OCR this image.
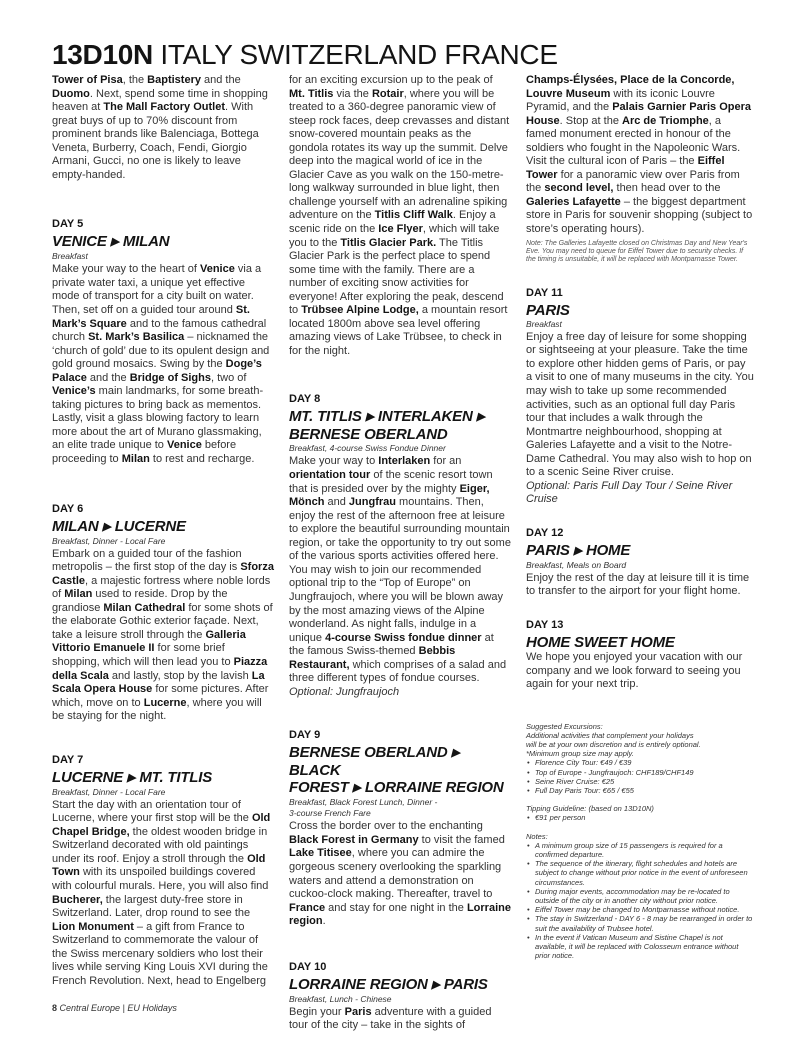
13D10N ITALY SWITZERLAND FRANCE

Tower of Pisa, the Baptistery and the Duomo. Next, spend some time in shopping heaven at The Mall Factory Outlet. With great buys of up to 70% discount from prominent brands like Balenciaga, Bottega Veneta, Burberry, Coach, Fendi, Giorgio Armani, Gucci, no one is likely to leave empty-handed.

DAY 5
VENICE ▶ MILAN
Breakfast

Make your way to the heart of Venice via a private water taxi, a unique yet effective mode of transport for a city built on water. Then, set off on a guided tour around St. Mark’s Square and to the famous cathedral church St. Mark’s Basilica – nicknamed the ‘church of gold’ due to its opulent design and gold ground mosaics. Swing by the Doge’s Palace and the Bridge of Sighs, two of Venice’s main landmarks, for some breath-taking pictures to bring back as mementos. Lastly, visit a glass blowing factory to learn more about the art of Murano glassmaking, an elite trade unique to Venice before proceeding to Milan to rest and recharge.

DAY 6
MILAN ▶ LUCERNE
Breakfast, Dinner - Local Fare

Embark on a guided tour of the fashion metropolis – the first stop of the day is Sforza Castle, a majestic fortress where noble lords of Milan used to reside. Drop by the grandiose Milan Cathedral for some shots of the elaborate Gothic exterior façade. Next, take a leisure stroll through the Galleria Vittorio Emanuele II for some brief shopping, which will then lead you to Piazza della Scala and lastly, stop by the lavish La Scala Opera House for some pictures. After which, move on to Lucerne, where you will be staying for the night.

DAY 7
LUCERNE ▶ MT. TITLIS
Breakfast, Dinner - Local Fare

Start the day with an orientation tour of Lucerne, where your first stop will be the Old Chapel Bridge, the oldest wooden bridge in Switzerland decorated with old paintings under its roof. Enjoy a stroll through the Old Town with its unspoiled buildings covered with colourful murals. Here, you will also find Bucherer, the largest duty-free store in Switzerland. Later, drop round to see the Lion Monument – a gift from France to Switzerland to commemorate the valour of the Swiss mercenary soldiers who lost their lives while serving King Louis XVI during the French Revolution. Next, head to Engelberg

for an exciting excursion up to the peak of Mt. Titlis via the Rotair, where you will be treated to a 360-degree panoramic view of steep rock faces, deep crevasses and distant snow-covered mountain peaks as the gondola rotates its way up the summit. Delve deep into the magical world of ice in the Glacier Cave as you walk on the 150-metre-long walkway surrounded in blue light, then challenge yourself with an adrenaline spiking adventure on the Titlis Cliff Walk. Enjoy a scenic ride on the Ice Flyer, which will take you to the Titlis Glacier Park. The Titlis Glacier Park is the perfect place to spend some time with the family. There are a number of exciting snow activities for everyone! After exploring the peak, descend to Trübsee Alpine Lodge, a mountain resort located 1800m above sea level offering amazing views of Lake Trübsee, to check in for the night.

DAY 8
MT. TITLIS ▶ INTERLAKEN ▶
BERNESE OBERLAND
Breakfast, 4-course Swiss Fondue Dinner

Make your way to Interlaken for an orientation tour of the scenic resort town that is presided over by the mighty Eiger, Mönch and Jungfrau mountains. Then, enjoy the rest of the afternoon free at leisure to explore the beautiful surrounding mountain region, or take the opportunity to try out some of the various sports activities offered here. You may wish to join our recommended optional trip to the “Top of Europe” on Jungfraujoch, where you will be blown away by the most amazing views of the Alpine wonderland. As night falls, indulge in a unique 4-course Swiss fondue dinner at the famous Swiss-themed Bebbis Restaurant, which comprises of a salad and three different types of fondue courses.

Optional: Jungfraujoch

DAY 9
BERNESE OBERLAND ▶ BLACK
FOREST ▶ LORRAINE REGION
Breakfast, Black Forest Lunch, Dinner -
3-course French Fare

Cross the border over to the enchanting Black Forest in Germany to visit the famed Lake Titisee, where you can admire the gorgeous scenery overlooking the sparkling waters and attend a demonstration on cuckoo-clock making. Thereafter, travel to France and stay for one night in the Lorraine region.

DAY 10
LORRAINE REGION ▶ PARIS
Breakfast, Lunch - Chinese

Begin your Paris adventure with a guided tour of the city – take in the sights of

Champs-Élysées, Place de la Concorde, Louvre Museum with its iconic Louvre Pyramid, and the Palais Garnier Paris Opera House. Stop at the Arc de Triomphe, a famed monument erected in honour of the soldiers who fought in the Napoleonic Wars. Visit the cultural icon of Paris – the Eiffel Tower for a panoramic view over Paris from the second level, then head over to the Galeries Lafayette – the biggest department store in Paris for souvenir shopping (subject to store’s operating hours).

Note: The Galleries Lafayette closed on Christmas Day and New Year's Eve. You may need to queue for Eiffel Tower due to security checks. If the timing is unsuitable, it will be replaced with Montparnasse Tower.

DAY 11
PARIS
Breakfast

Enjoy a free day of leisure for some shopping or sightseeing at your pleasure. Take the time to explore other hidden gems of Paris, or pay a visit to one of many museums in the city. You may wish to take up some recommended activities, such as an optional full day Paris tour that includes a walk through the Montmartre neighbourhood, shopping at Galeries Lafayette and a visit to the Notre-Dame Cathedral. You may also wish to hop on to a scenic Seine River cruise.

Optional: Paris Full Day Tour / Seine River Cruise

DAY 12
PARIS ▶ HOME
Breakfast, Meals on Board

Enjoy the rest of the day at leisure till it is time to transfer to the airport for your flight home.

DAY 13
HOME SWEET HOME

We hope you enjoyed your vacation with our company and we look forward to seeing you again for your next trip.

Suggested Excursions:
Additional activities that complement your holidays
will be at your own discretion and is entirely optional.
*Minimum group size may apply.
• Florence City Tour: €49 / €39
• Top of Europe - Jungfraujoch: CHF189/CHF149
• Seine River Cruise: €25
• Full Day Paris Tour: €65 / €55
Tipping Guideline: (based on 13D10N)
• €91 per person
Notes:
• A minimum group size of 15 passengers is required for a confirmed departure.
• The sequence of the itinerary, flight schedules and hotels are subject to change without prior notice in the event of unforeseen circumstances.
• During major events, accommodation may be re-located to outside of the city or in another city without prior notice.
• Eiffel Tower may be changed to Montparnasse without notice.
• The stay in Switzerland - DAY 6 - 8 may be rearranged in order to suit the availability of Trubsee hotel.
• In the event if Vatican Museum and Sistine Chapel is not available, it will be replaced with Colosseum entrance without prior notice.
8 Central Europe | EU Holidays
